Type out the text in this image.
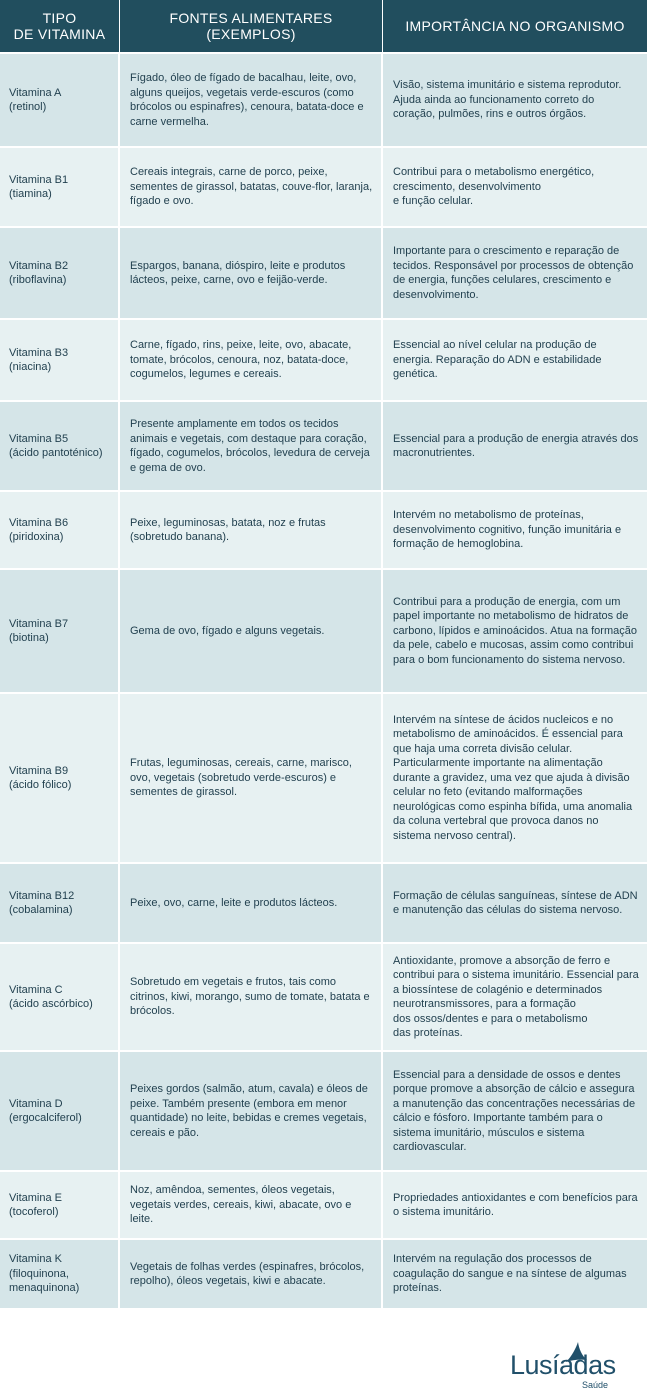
TIPO
DE VITAMINA
FONTES ALIMENTARES (EXEMPLOS)	IMPORTÂNCIA NO ORGANISMO
Vitamina A
(retinol)
Fígado, óleo de fígado de bacalhau, leite, ovo, alguns queijos, vegetais verde-escuros (como brócolos ou espinafres), cenoura, batata-doce e carne vermelha.
Visão, sistema imunitário e sistema reprodutor. Ajuda ainda ao funcionamento correto do coração, pulmões, rins e outros órgãos.
Vitamina B1
(tiamina)
Cereais integrais, carne de porco, peixe, sementes de girassol, batatas, couve-flor, laranja, fígado e ovo.
Contribui para o metabolismo energético, crescimento, desenvolvimento
e função celular.
Vitamina B2
(riboflavina)
Espargos, banana, dióspiro, leite e produtos lácteos, peixe, carne, ovo e feijão-verde.
Importante para o crescimento e reparação de tecidos. Responsável por processos de obtenção de energia, funções celulares, crescimento e desenvolvimento.
Vitamina B3
(niacina)
Carne, fígado, rins, peixe, leite, ovo, abacate, tomate, brócolos, cenoura, noz, batata-doce, cogumelos, legumes e cereais.
Essencial ao nível celular na produção de energia. Reparação do ADN e estabilidade genética.
Vitamina B5
(ácido pantoténico)
Presente amplamente em todos os tecidos animais e vegetais, com destaque para coração, fígado, cogumelos, brócolos, levedura de cerveja e gema de ovo.
Essencial para a produção de energia através dos macronutrientes.
Vitamina B6
(piridoxina)
Peixe, leguminosas, batata, noz e frutas (sobretudo banana).
Intervém no metabolismo de proteínas, desenvolvimento cognitivo, função imunitária e formação de hemoglobina.
Vitamina B7
(biotina)
Gema de ovo, fígado e alguns vegetais.
Contribui para a produção de energia, com um papel importante no metabolismo de hidratos de carbono, lípidos e aminoácidos. Atua na formação da pele, cabelo e mucosas, assim como contribui para o bom funcionamento do sistema nervoso.
Vitamina B9
(ácido fólico)
Frutas, leguminosas, cereais, carne, marisco, ovo, vegetais (sobretudo verde-escuros) e sementes de girassol.
Intervém na síntese de ácidos nucleicos e no metabolismo de aminoácidos. É essencial para que haja uma correta divisão celular. Particularmente importante na alimentação durante a gravidez, uma vez que ajuda à divisão celular no feto (evitando malformações neurológicas como espinha bífida, uma anomalia da coluna vertebral que provoca danos no sistema nervoso central).
Vitamina B12
(cobalamina)
Peixe, ovo, carne, leite e produtos lácteos.
Formação de células sanguíneas, síntese de ADN e manutenção das células do sistema nervoso.
Vitamina C
(ácido ascórbico)
Sobretudo em vegetais e frutos, tais como citrinos, kiwi, morango, sumo de tomate, batata e brócolos.
Antioxidante, promove a absorção de ferro e contribui para o sistema imunitário. Essencial para a biossíntese de colagénio e determinados neurotransmissores, para a formação
dos ossos/dentes e para o metabolismo
das proteínas.
Vitamina D
(ergocalciferol)
Peixes gordos (salmão, atum, cavala) e óleos de peixe. Também presente (embora em menor quantidade) no leite, bebidas e cremes vegetais, cereais e pão.
Essencial para a densidade de ossos e dentes porque promove a absorção de cálcio e assegura a manutenção das concentrações necessárias de cálcio e fósforo. Importante também para o sistema imunitário, músculos e sistema cardiovascular.
Vitamina E
(tocoferol)
Noz, amêndoa, sementes, óleos vegetais, vegetais verdes, cereais, kiwi, abacate, ovo e leite.
Propriedades antioxidantes e com benefícios para o sistema imunitário.
Vitamina K
(filoquinona,
menaquinona)
Vegetais de folhas verdes (espinafres, brócolos, repolho), óleos vegetais, kiwi e abacate.
Intervém na regulação dos processos de coagulação do sangue e na síntese de algumas proteínas.
Lusíadas
Saúde
